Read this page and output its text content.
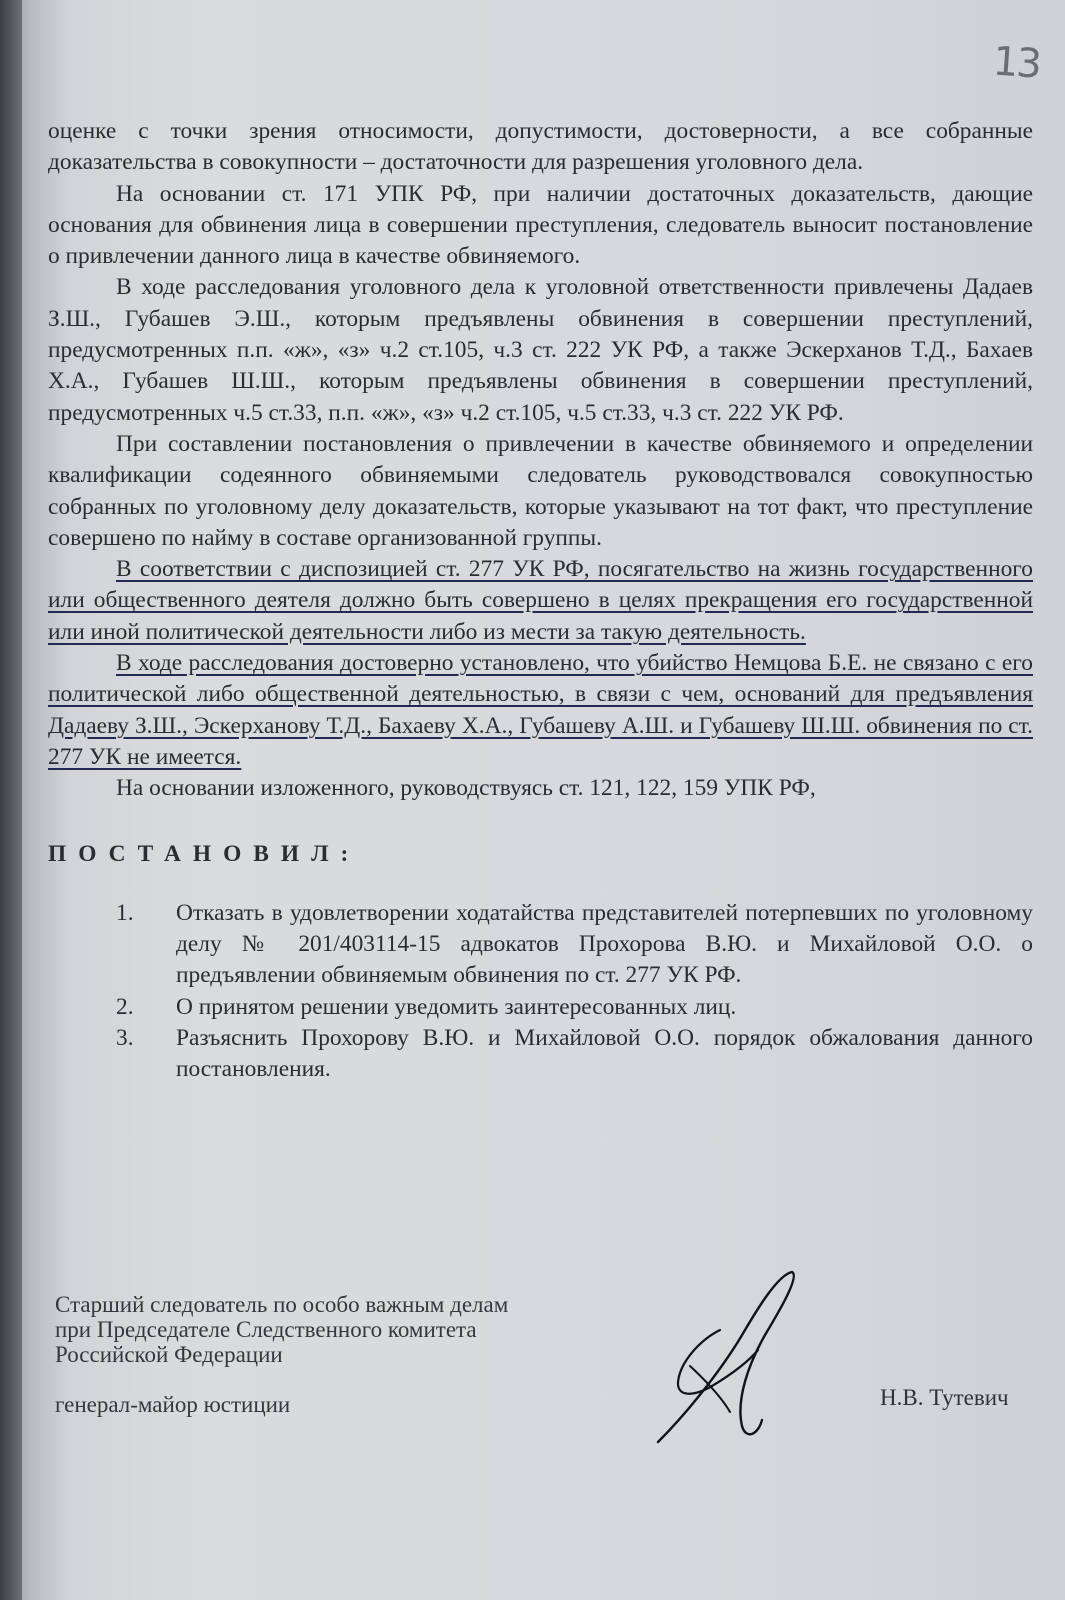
13

оценке с точки зрения относимости, допустимости, достоверности, а все собранные доказательства в совокупности – достаточности для разрешения уголовного дела.

На основании ст. 171 УПК РФ, при наличии достаточных доказательств, дающие основания для обвинения лица в совершении преступления, следователь выносит постановление о привлечении данного лица в качестве обвиняемого.

В ходе расследования уголовного дела к уголовной ответственности привлечены Дадаев З.Ш., Губашев Э.Ш., которым предъявлены обвинения в совершении преступлений, предусмотренных п.п. «ж», «з» ч.2 ст.105, ч.3 ст. 222 УК РФ, а также Эскерханов Т.Д., Бахаев Х.А., Губашев Ш.Ш., которым предъявлены обвинения в совершении преступлений, предусмотренных ч.5 ст.33, п.п. «ж», «з» ч.2 ст.105, ч.5 ст.33, ч.3 ст. 222 УК РФ.

При составлении постановления о привлечении в качестве обвиняемого и определении квалификации содеянного обвиняемыми следователь руководствовался совокупностью собранных по уголовному делу доказательств, которые указывают на тот факт, что преступление совершено по найму в составе организованной группы.

В соответствии с диспозицией ст. 277 УК РФ, посягательство на жизнь государственного или общественного деятеля должно быть совершено в целях прекращения его государственной или иной политической деятельности либо из мести за такую деятельность.

В ходе расследования достоверно установлено, что убийство Немцова Б.Е. не связано с его политической либо общественной деятельностью, в связи с чем, оснований для предъявления Дадаеву З.Ш., Эскерханову Т.Д., Бахаеву Х.А., Губашеву А.Ш. и Губашеву Ш.Ш. обвинения по ст. 277 УК не имеется.

На основании изложенного, руководствуясь ст. 121, 122, 159 УПК РФ,

ПОСТАНОВИЛ:

1.	Отказать в удовлетворении ходатайства представителей потерпевших по уголовному делу № 201/403114-15 адвокатов Прохорова В.Ю. и Михайловой О.О. о предъявлении обвиняемым обвинения по ст. 277 УК РФ.

2.	О принятом решении уведомить заинтересованных лиц.

3.	Разъяснить Прохорову В.Ю. и Михайловой О.О. порядок обжалования данного постановления.

Старший следователь по особо важным делам
при Председателе Следственного комитета
Российской Федерации
генерал-майор юстиции	Н.В. Тутевич
